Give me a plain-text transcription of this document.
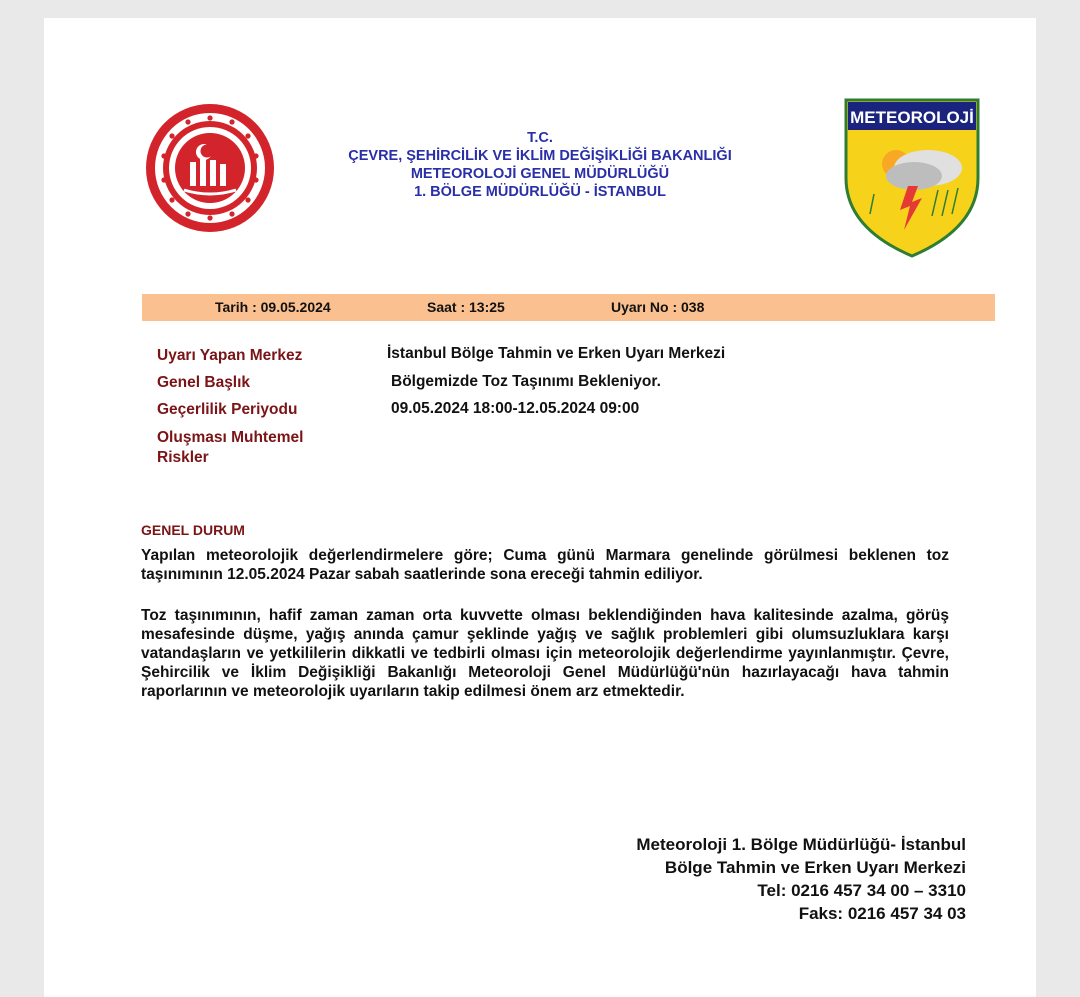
T.C.
ÇEVRE, ŞEHİRCİLİK VE İKLİM DEĞİŞİKLİĞİ BAKANLIĞI
METEOROLOJİ GENEL MÜDÜRLÜĞÜ
1. BÖLGE MÜDÜRLÜĞÜ - İSTANBUL
METEOROLOJİ
Tarih : 09.05.2024	Saat : 13:25	Uyarı No : 038
Uyarı Yapan Merkez	İstanbul Bölge Tahmin ve Erken Uyarı Merkezi
Genel Başlık	Bölgemizde Toz Taşınımı Bekleniyor.
Geçerlilik Periyodu	09.05.2024 18:00-12.05.2024 09:00
Oluşması Muhtemel Riskler
GENEL DURUM
Yapılan meteorolojik değerlendirmelere göre; Cuma günü Marmara genelinde görülmesi beklenen toz taşınımının 12.05.2024 Pazar sabah saatlerinde sona ereceği tahmin ediliyor.
Toz taşınımının, hafif zaman zaman orta kuvvette olması beklendiğinden hava kalitesinde azalma, görüş mesafesinde düşme, yağış anında çamur şeklinde yağış ve sağlık problemleri gibi olumsuzluklara karşı vatandaşların ve yetkililerin dikkatli ve tedbirli olması için meteorolojik değerlendirme yayınlanmıştır. Çevre, Şehircilik ve İklim Değişikliği Bakanlığı Meteoroloji Genel Müdürlüğü'nün hazırlayacağı hava tahmin raporlarının ve meteorolojik uyarıların takip edilmesi önem arz etmektedir.
Meteoroloji 1. Bölge Müdürlüğü- İstanbul
Bölge Tahmin ve Erken Uyarı Merkezi
Tel: 0216 457 34 00 – 3310
Faks: 0216 457 34 03
